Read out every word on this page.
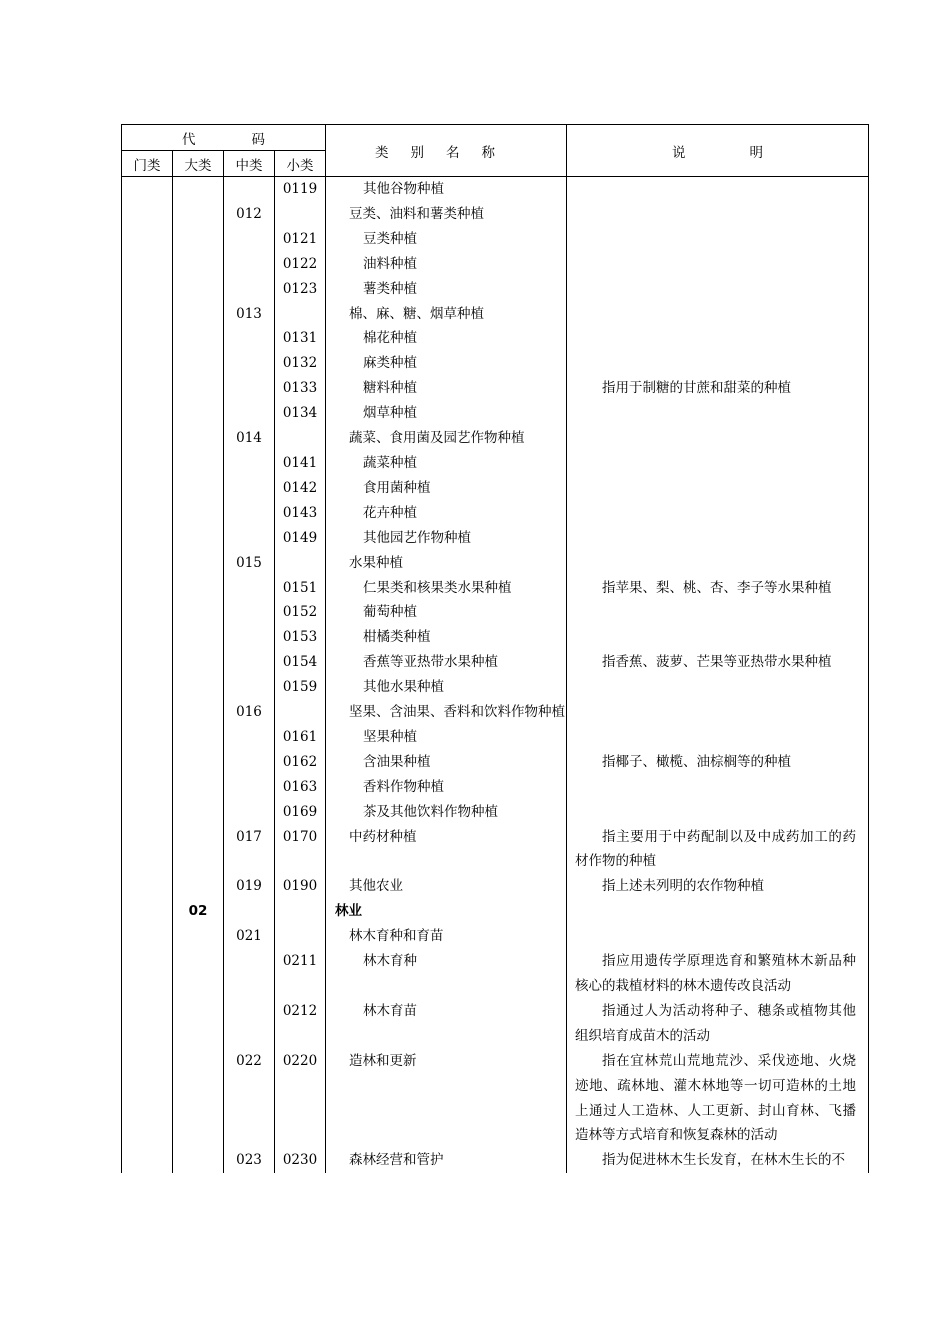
代码				类别名称	说明
门类	大类	中类	小类		
			0119	其他谷物种植	

		012		豆类、油料和薯类种植	

			0121	豆类种植	

			0122	油料种植	

			0123	薯类种植	

		013		棉、麻、糖、烟草种植	

			0131	棉花种植	

			0132	麻类种植	

			0133	糖料种植	指用于制糖的甘蔗和甜菜的种植
			0134	烟草种植	

		014		蔬菜、食用菌及园艺作物种植	

			0141	蔬菜种植	

			0142	食用菌种植	

			0143	花卉种植	

			0149	其他园艺作物种植	

		015		水果种植	

			0151	仁果类和核果类水果种植	指苹果、梨、桃、杏、李子等水果种植
			0152	葡萄种植	

			0153	柑橘类种植	

			0154	香蕉等亚热带水果种植	指香蕉、菠萝、芒果等亚热带水果种植
			0159	其他水果种植	

		016		坚果、含油果、香料和饮料作物种植	

			0161	坚果种植	

			0162	含油果种植	指椰子、橄榄、油棕榈等的种植
			0163	香料作物种植	

			0169	茶及其他饮料作物种植	

		017	0170	中药材种植	指主要用于中药配制以及中成药加工的药材作物的种植
		019	0190	其他农业	指上述未列明的农作物种植
	02			林业	

		021		林木育种和育苗	

			0211	林木育种	指应用遗传学原理选育和繁殖林木新品种核心的栽植材料的林木遗传改良活动
			0212	林木育苗	指通过人为活动将种子、穗条或植物其他组织培育成苗木的活动
		022	0220	造林和更新	指在宜林荒山荒地荒沙、采伐迹地、火烧迹地、疏林地、灌木林地等一切可造林的土地上通过人工造林、人工更新、封山育林、飞播造林等方式培育和恢复森林的活动
		023	0230	森林经营和管护	指为促进林木生长发育，在林木生长的不
